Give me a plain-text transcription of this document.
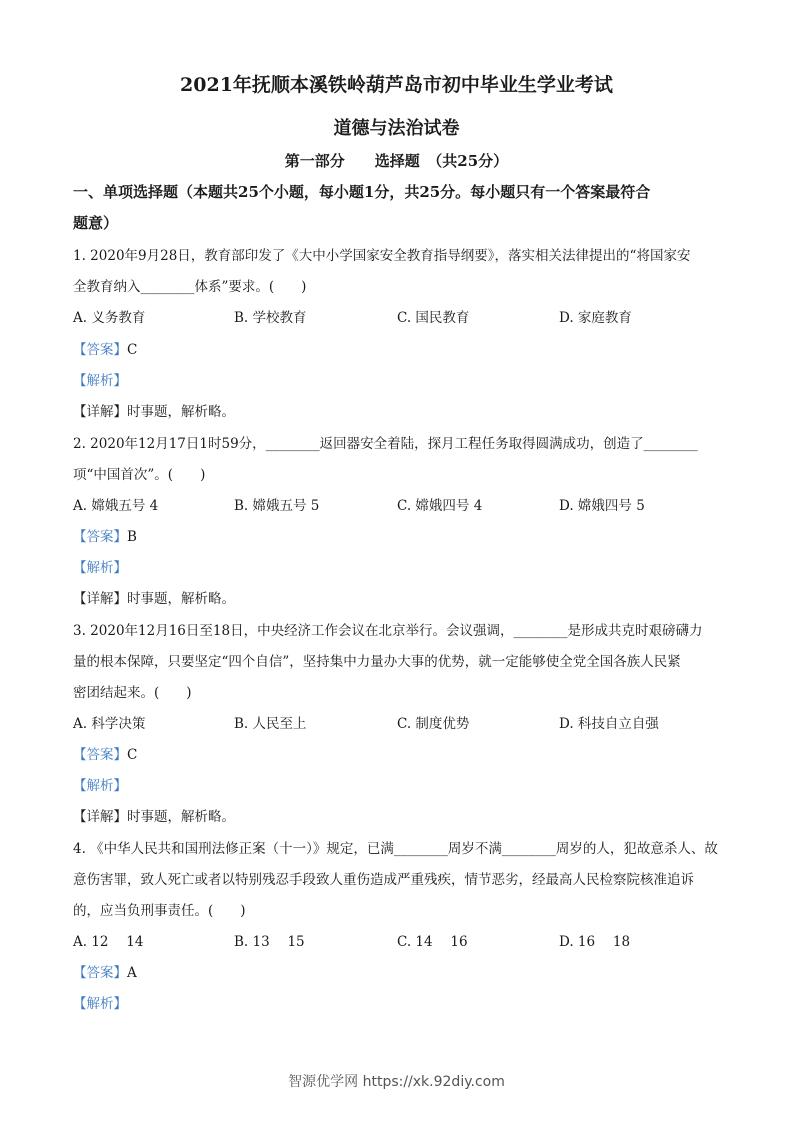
2021年抚顺本溪铁岭葫芦岛市初中毕业生学业考试
道德与法治试卷
第一部分　　选择题　（共25分）
一、单项选择题（本题共25个小题，每小题1分，共25分。每小题只有一个答案最符合
题意）
1. 2020年9月28日，教育部印发了《大中小学国家安全教育指导纲要》，落实相关法律提出的“将国家安
全教育纳入________体系”要求。(　　)
A. 义务教育	B. 学校教育	C. 国民教育	D. 家庭教育
【答案】C
【解析】
【详解】时事题，解析略。
2. 2020年12月17日1时59分，________返回器安全着陆，探月工程任务取得圆满成功，创造了________
项“中国首次”。(　　)
A. 嫦娥五号 4	B. 嫦娥五号 5	C. 嫦娥四号 4	D. 嫦娥四号 5
【答案】B
【解析】
【详解】时事题，解析略。
3. 2020年12月16日至18日，中央经济工作会议在北京举行。会议强调，________是形成共克时艰磅礴力
量的根本保障，只要坚定“四个自信”，坚持集中力量办大事的优势，就一定能够使全党全国各族人民紧
密团结起来。(　　)
A. 科学决策	B. 人民至上	C. 制度优势	D. 科技自立自强
【答案】C
【解析】
【详解】时事题，解析略。
4. 《中华人民共和国刑法修正案（十一）》规定，已满________周岁不满________周岁的人，犯故意杀人、故
意伤害罪，致人死亡或者以特别残忍手段致人重伤造成严重残疾，情节恶劣，经最高人民检察院核准追诉
的，应当负刑事责任。(　　)
A. 12　 14	B. 13　 15	C. 14　 16	D. 16　 18
【答案】A
【解析】
智源优学网 https://xk.92diy.com
